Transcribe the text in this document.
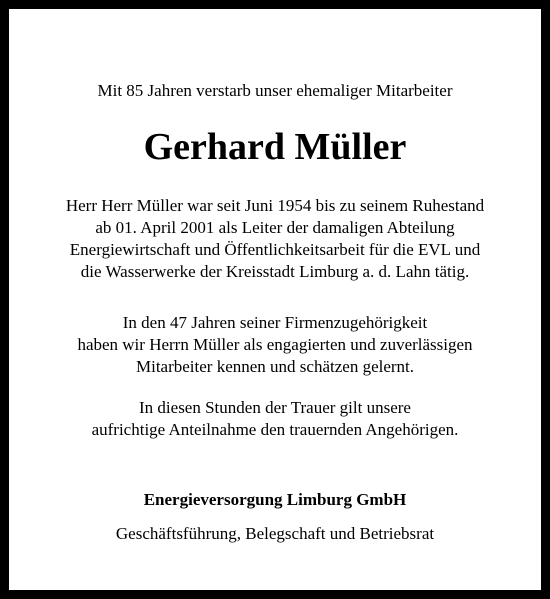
Mit 85 Jahren verstarb unser ehemaliger Mitarbeiter
Gerhard Müller
Herr Herr Müller war seit Juni 1954 bis zu seinem Ruhestand
ab 01. April 2001 als Leiter der damaligen Abteilung
Energiewirtschaft und Öffentlichkeitsarbeit für die EVL und
die Wasserwerke der Kreisstadt Limburg a. d. Lahn tätig.
In den 47 Jahren seiner Firmenzugehörigkeit
haben wir Herrn Müller als engagierten und zuverlässigen
Mitarbeiter kennen und schätzen gelernt.
In diesen Stunden der Trauer gilt unsere
aufrichtige Anteilnahme den trauernden Angehörigen.
Energieversorgung Limburg GmbH
Geschäftsführung, Belegschaft und Betriebsrat
